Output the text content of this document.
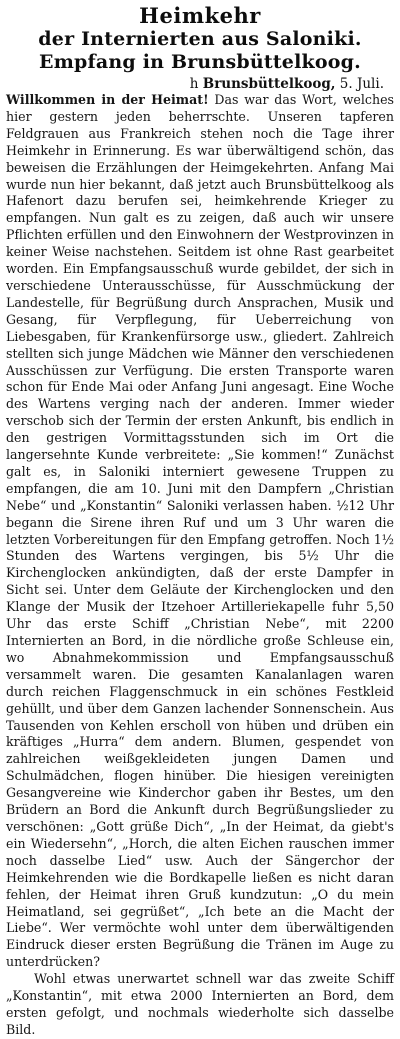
Heimkehr
der Internierten aus Saloniki.
Empfang in Brunsbüttelkoog.

h Brunsbüttelkoog, 5. Juli.

Willkommen in der Heimat! Das war das Wort, welches hier gestern jeden beherrschte. Unseren tapferen Feldgrauen aus Frankreich stehen noch die Tage ihrer Heimkehr in Erinnerung. Es war überwältigend schön, das beweisen die Erzählungen der Heimgekehrten. Anfang Mai wurde nun hier bekannt, daß jetzt auch Brunsbüttelkoog als Hafenort dazu berufen sei, heimkehrende Krieger zu empfangen. Nun galt es zu zeigen, daß auch wir unsere Pflichten erfüllen und den Einwohnern der Westprovinzen in keiner Weise nachstehen. Seitdem ist ohne Rast gearbeitet worden. Ein Empfangsausschuß wurde gebildet, der sich in verschiedene Unterausschüsse, für Ausschmückung der Landestelle, für Begrüßung durch Ansprachen, Musik und Gesang, für Verpflegung, für Ueberreichung von Liebesgaben, für Krankenfürsorge usw., gliedert. Zahlreich stellten sich junge Mädchen wie Männer den verschiedenen Ausschüssen zur Verfügung. Die ersten Transporte waren schon für Ende Mai oder Anfang Juni angesagt. Eine Woche des Wartens verging nach der anderen. Immer wieder verschob sich der Termin der ersten Ankunft, bis endlich in den gestrigen Vormittagsstunden sich im Ort die langersehnte Kunde verbreitete: „Sie kommen!“ Zunächst galt es, in Saloniki interniert gewesene Truppen zu empfangen, die am 10. Juni mit den Dampfern „Christian Nebe“ und „Konstantin“ Saloniki verlassen haben. ½12 Uhr begann die Sirene ihren Ruf und um 3 Uhr waren die letzten Vorbereitungen für den Empfang getroffen. Noch 1½ Stunden des Wartens vergingen, bis 5½ Uhr die Kirchenglocken ankündigten, daß der erste Dampfer in Sicht sei. Unter dem Geläute der Kirchenglocken und den Klange der Musik der Itzehoer Artilleriekapelle fuhr 5,50 Uhr das erste Schiff „Christian Nebe“, mit 2200 Internierten an Bord, in die nördliche große Schleuse ein, wo Abnahmekommission und Empfangsausschuß versammelt waren. Die gesamten Kanalanlagen waren durch reichen Flaggenschmuck in ein schönes Festkleid gehüllt, und über dem Ganzen lachender Sonnenschein. Aus Tausenden von Kehlen erscholl von hüben und drüben ein kräftiges „Hurra“ dem andern. Blumen, gespendet von zahlreichen weißgekleideten jungen Damen und Schulmädchen, flogen hinüber. Die hiesigen vereinigten Gesangvereine wie Kinderchor gaben ihr Bestes, um den Brüdern an Bord die Ankunft durch Begrüßungslieder zu verschönen: „Gott grüße Dich“, „In der Heimat, da giebt's ein Wiedersehn“, „Horch, die alten Eichen rauschen immer noch dasselbe Lied“ usw. Auch der Sängerchor der Heimkehrenden wie die Bordkapelle ließen es nicht daran fehlen, der Heimat ihren Gruß kundzutun: „O du mein Heimatland, sei gegrüßet“, „Ich bete an die Macht der Liebe“. Wer vermöchte wohl unter dem überwältigenden Eindruck dieser ersten Begrüßung die Tränen im Auge zu unterdrücken?

Wohl etwas unerwartet schnell war das zweite Schiff „Konstantin“, mit etwa 2000 Internierten an Bord, dem ersten gefolgt, und nochmals wiederholte sich dasselbe Bild.
